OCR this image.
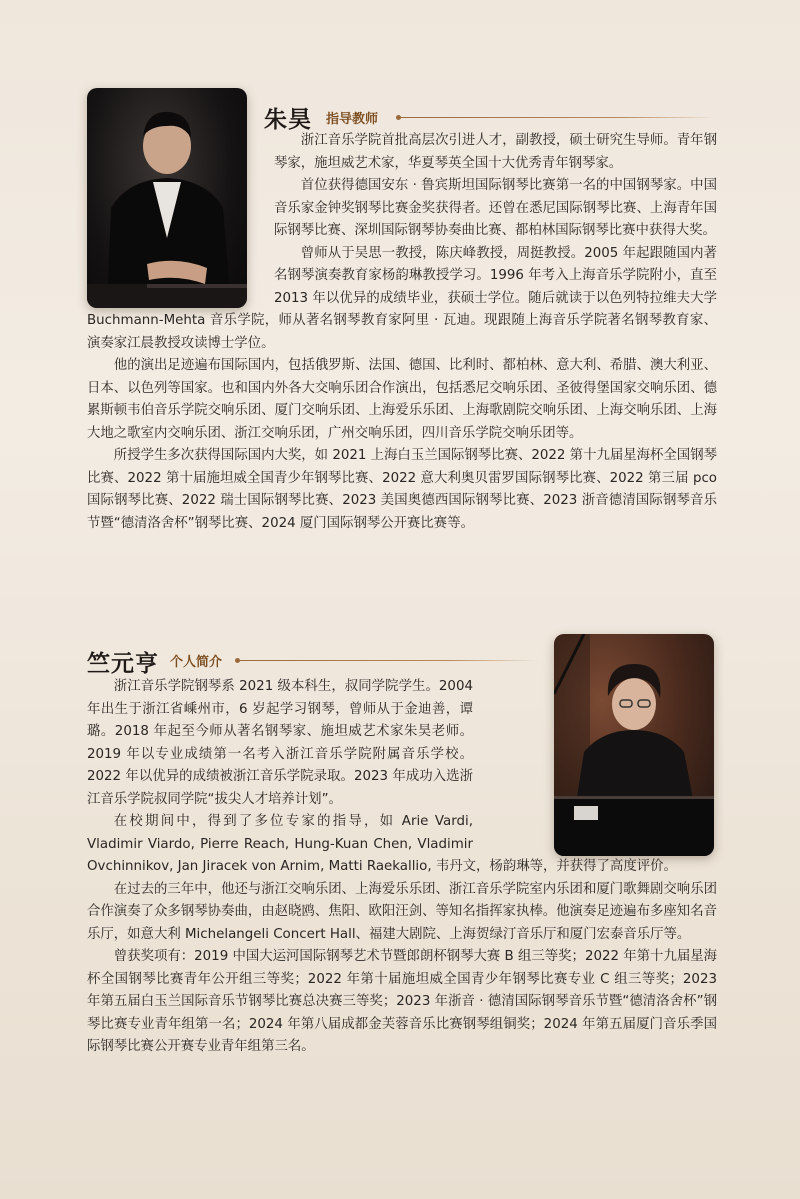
朱昊 指导教师

浙江音乐学院首批高层次引进人才，副教授，硕士研究生导师。青年钢琴家，施坦威艺术家，华夏琴英全国十大优秀青年钢琴家。

首位获得德国安东 · 鲁宾斯坦国际钢琴比赛第一名的中国钢琴家。中国音乐家金钟奖钢琴比赛金奖获得者。还曾在悉尼国际钢琴比赛、上海青年国际钢琴比赛、深圳国际钢琴协奏曲比赛、都柏林国际钢琴比赛中获得大奖。

曾师从于吴思一教授，陈庆峰教授，周挺教授。2005 年起跟随国内著名钢琴演奏教育家杨韵琳教授学习。1996 年考入上海音乐学院附小，直至 2013 年以优异的成绩毕业，获硕士学位。随后就读于以色列特拉维夫大学 Buchmann-Mehta 音乐学院，师从著名钢琴教育家阿里 · 瓦迪。现跟随上海音乐学院著名钢琴教育家、演奏家江晨教授攻读博士学位。

他的演出足迹遍布国际国内，包括俄罗斯、法国、德国、比利时、都柏林、意大利、希腊、澳大利亚、日本、以色列等国家。也和国内外各大交响乐团合作演出，包括悉尼交响乐团、圣彼得堡国家交响乐团、德累斯顿韦伯音乐学院交响乐团、厦门交响乐团、上海爱乐乐团、上海歌剧院交响乐团、上海交响乐团、上海大地之歌室内交响乐团、浙江交响乐团，广州交响乐团，四川音乐学院交响乐团等。

所授学生多次获得国际国内大奖，如 2021 上海白玉兰国际钢琴比赛、2022 第十九届星海杯全国钢琴比赛、2022 第十届施坦威全国青少年钢琴比赛、2022 意大利奥贝雷罗国际钢琴比赛、2022 第三届 pco 国际钢琴比赛、2022 瑞士国际钢琴比赛、2023 美国奥德西国际钢琴比赛、2023 浙音德清国际钢琴音乐节暨“德清洛舍杯”钢琴比赛、2024 厦门国际钢琴公开赛比赛等。

竺元亨 个人简介

浙江音乐学院钢琴系 2021 级本科生，叔同学院学生。2004 年出生于浙江省嵊州市，6 岁起学习钢琴，曾师从于金迪善，谭璐。2018 年起至今师从著名钢琴家、施坦威艺术家朱昊老师。2019 年以专业成绩第一名考入浙江音乐学院附属音乐学校。2022 年以优异的成绩被浙江音乐学院录取。2023 年成功入选浙江音乐学院叔同学院“拔尖人才培养计划”。

在校期间中，得到了多位专家的指导，如 Arie Vardi, Vladimir Viardo, Pierre Reach, Hung-Kuan Chen, Vladimir Ovchinnikov, Jan Jiracek von Arnim, Matti Raekallio, 韦丹文，杨韵琳等，并获得了高度评价。

在过去的三年中，他还与浙江交响乐团、上海爱乐乐团、浙江音乐学院室内乐团和厦门歌舞剧交响乐团合作演奏了众多钢琴协奏曲，由赵晓鸥、焦阳、欧阳汪剑、等知名指挥家执棒。他演奏足迹遍布多座知名音乐厅，如意大利 Michelangeli Concert Hall、福建大剧院、上海贺绿汀音乐厅和厦门宏泰音乐厅等。

曾获奖项有：2019 中国大运河国际钢琴艺术节暨郎朗杯钢琴大赛 B 组三等奖；2022 年第十九届星海杯全国钢琴比赛青年公开组三等奖；2022 年第十届施坦威全国青少年钢琴比赛专业 C 组三等奖；2023 年第五届白玉兰国际音乐节钢琴比赛总决赛三等奖；2023 年浙音 · 德清国际钢琴音乐节暨“德清洛舍杯”钢琴比赛专业青年组第一名；2024 年第八届成都金芙蓉音乐比赛钢琴组铜奖；2024 年第五届厦门音乐季国际钢琴比赛公开赛专业青年组第三名。
